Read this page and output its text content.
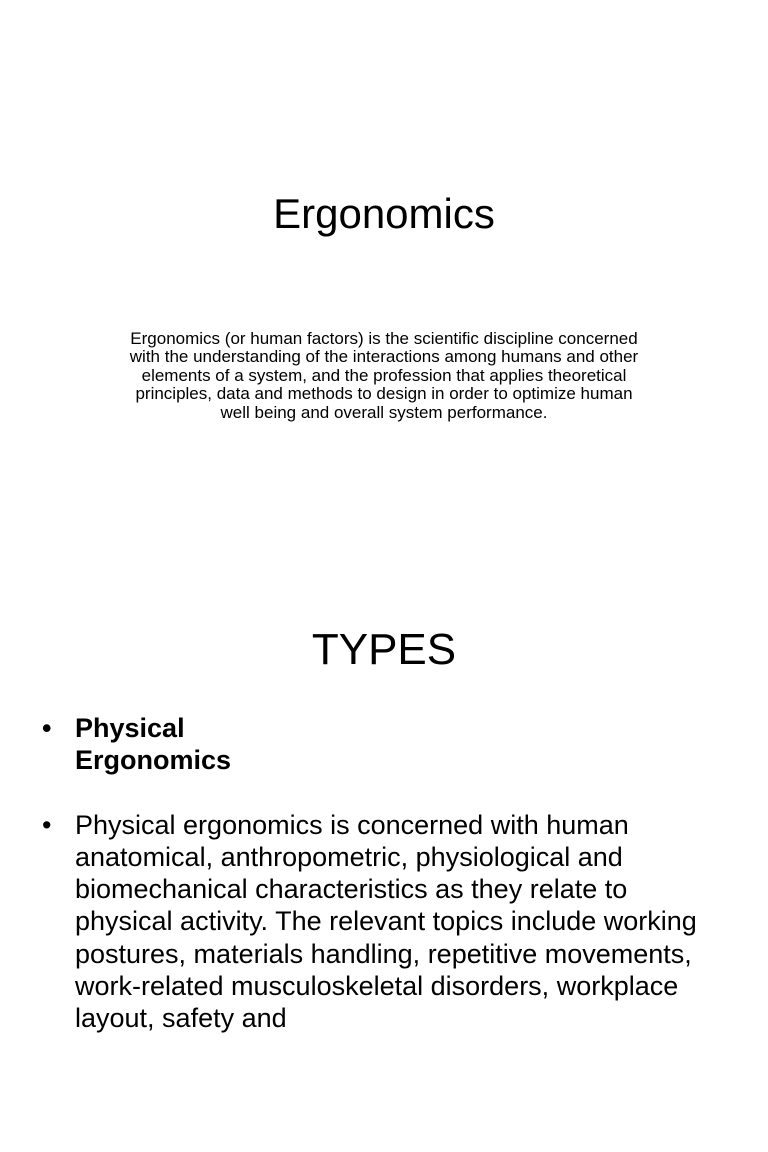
Ergonomics

Ergonomics (or human factors) is the scientific discipline concerned with the understanding of the interactions among humans and other elements of a system, and the profession that applies theoretical principles, data and methods to design in order to optimize human well being and overall system performance.

TYPES
• Physical Ergonomics
• Physical ergonomics is concerned with human anatomical, anthropometric, physiological and biomechanical characteristics as they relate to physical activity. The relevant topics include working postures, materials handling, repetitive movements, work-related musculoskeletal disorders, workplace layout, safety and
